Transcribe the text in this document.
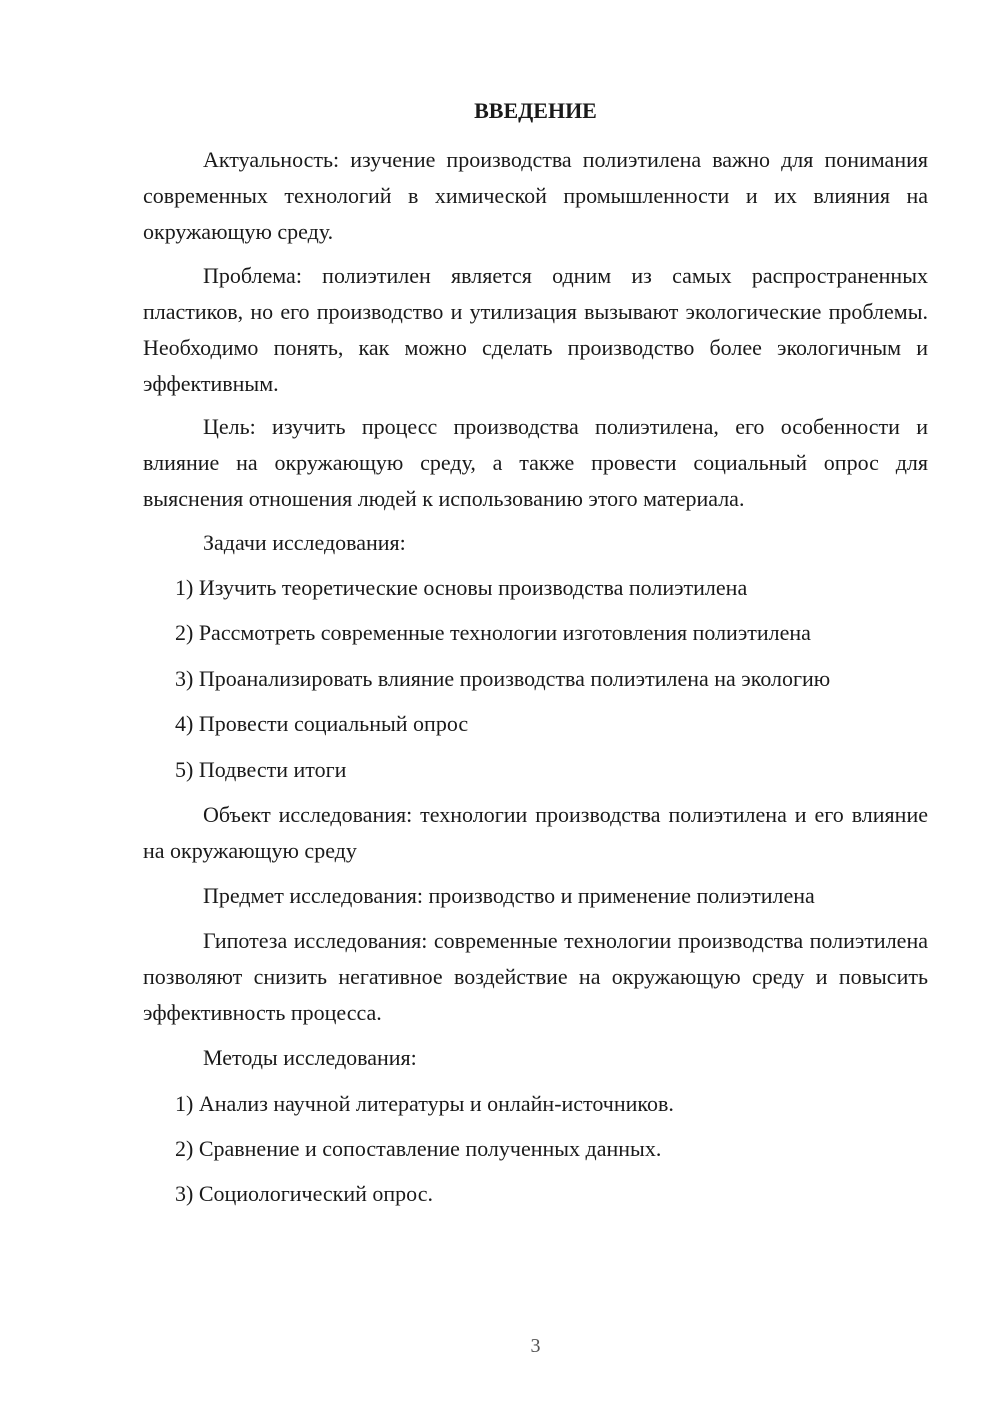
ВВЕДЕНИЕ

Актуальность: изучение производства полиэтилена важно для понимания современных технологий в химической промышленности и их влияния на окружающую среду.

Проблема: полиэтилен является одним из самых распространенных пластиков, но его производство и утилизация вызывают экологические проблемы. Необходимо понять, как можно сделать производство более экологичным и эффективным.

Цель: изучить процесс производства полиэтилена, его особенности и влияние на окружающую среду, а также провести социальный опрос для выяснения отношения людей к использованию этого материала.

Задачи исследования:

1) Изучить теоретические основы производства полиэтилена

2) Рассмотреть современные технологии изготовления полиэтилена

3) Проанализировать влияние производства полиэтилена на экологию

4) Провести социальный опрос

5) Подвести итоги

Объект исследования: технологии производства полиэтилена и его влияние на окружающую среду

Предмет исследования: производство и применение полиэтилена

Гипотеза исследования: современные технологии производства полиэтилена позволяют снизить негативное воздействие на окружающую среду и повысить эффективность процесса.

Методы исследования:

1) Анализ научной литературы и онлайн-источников.

2) Сравнение и сопоставление полученных данных.

3) Социологический опрос.

3
